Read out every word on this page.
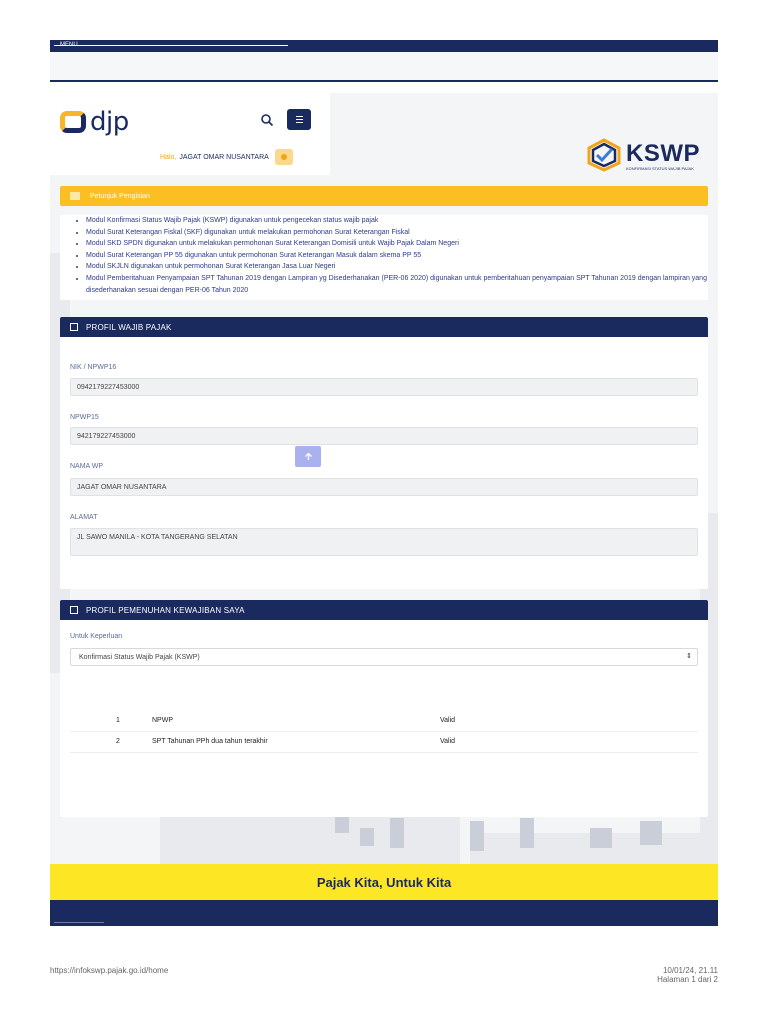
djp
Halo, JAGAT OMAR NUSANTARA	KSWP
KONFIRMASI STATUS WAJIB PAJAK
Petunjuk Pengisian
• Modul Konfirmasi Status Wajib Pajak (KSWP) digunakan untuk pengecekan status wajib pajak
• Modul Surat Keterangan Fiskal (SKF) digunakan untuk melakukan permohonan Surat Keterangan Fiskal
• Modul SKD SPDN digunakan untuk melakukan permohonan Surat Keterangan Domisili untuk Wajib Pajak Dalam Negeri
• Modul Surat Keterangan PP 55 digunakan untuk permohonan Surat Keterangan Masuk dalam skema PP 55
• Modul SKJLN digunakan untuk permohonan Surat Keterangan Jasa Luar Negeri
• Modul Pemberitahuan Penyampaian SPT Tahunan 2019 dengan Lampiran yg Disederhanakan (PER-06 2020) digunakan untuk pemberitahuan penyampaian SPT Tahunan 2019 dengan lampiran yang disederhanakan sesuai dengan PER-06 Tahun 2020
PROFIL WAJIB PAJAK
NIK / NPWP16
0942179227453000
NPWP15
942179227453000
NAMA WP
JAGAT OMAR NUSANTARA
ALAMAT
JL SAWO MANILA - KOTA TANGERANG SELATAN
PROFIL PEMENUHAN KEWAJIBAN SAYA
Untuk Keperluan
Konfirmasi Status Wajib Pajak (KSWP)	⇕
1	NPWP	Valid
2	SPT Tahunan PPh dua tahun terakhir	Valid
Pajak Kita, Untuk Kita
https://infokswp.pajak.go.id/home	10/01/24, 21.11
Halaman 1 dari 2
